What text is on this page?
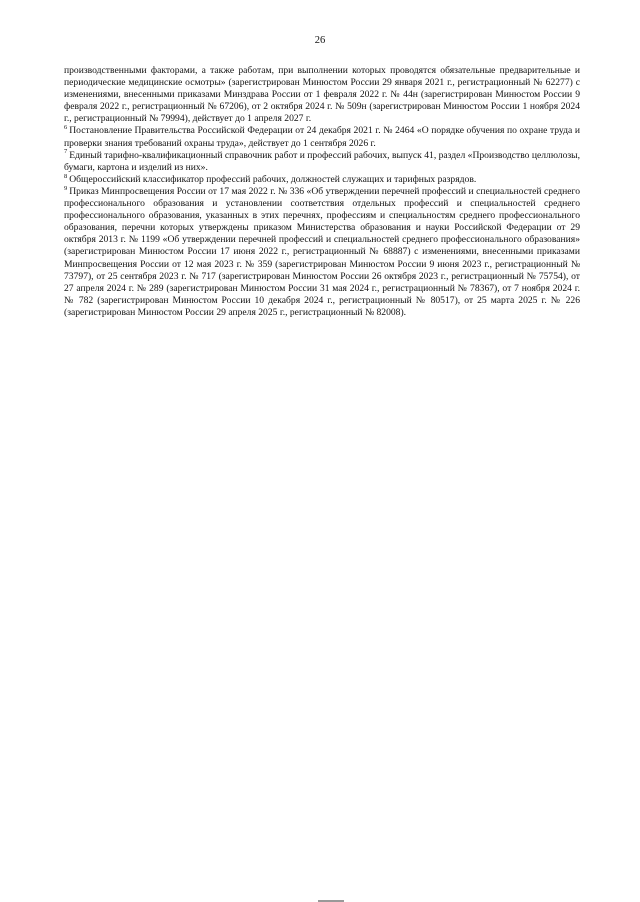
26

производственными факторами, а также работам, при выполнении которых проводятся обязательные предварительные и периодические медицинские осмотры» (зарегистрирован Минюстом России 29 января 2021 г., регистрационный № 62277) с изменениями, внесенными приказами Минздрава России от 1 февраля 2022 г. № 44н (зарегистрирован Минюстом России 9 февраля 2022 г., регистрационный № 67206), от 2 октября 2024 г. № 509н (зарегистрирован Минюстом России 1 ноября 2024 г., регистрационный № 79994), действует до 1 апреля 2027 г.

$^6$ Постановление Правительства Российской Федерации от 24 декабря 2021 г. № 2464 «О порядке обучения по охране труда и проверки знания требований охраны труда», действует до 1 сентября 2026 г.

$^7$ Единый тарифно-квалификационный справочник работ и профессий рабочих, выпуск 41, раздел «Производство целлюлозы, бумаги, картона и изделий из них».

$^8$ Общероссийский классификатор профессий рабочих, должностей служащих и тарифных разрядов.

$^9$ Приказ Минпросвещения России от 17 мая 2022 г. № 336 «Об утверждении перечней профессий и специальностей среднего профессионального образования и установлении соответствия отдельных профессий и специальностей среднего профессионального образования, указанных в этих перечнях, профессиям и специальностям среднего профессионального образования, перечни которых утверждены приказом Министерства образования и науки Российской Федерации от 29 октября 2013 г. № 1199 «Об утверждении перечней профессий и специальностей среднего профессионального образования» (зарегистрирован Минюстом России 17 июня 2022 г., регистрационный № 68887) с изменениями, внесенными приказами Минпросвещения России от 12 мая 2023 г. № 359 (зарегистрирован Минюстом России 9 июня 2023 г., регистрационный № 73797), от 25 сентября 2023 г. № 717 (зарегистрирован Минюстом России 26 октября 2023 г., регистрационный № 75754), от 27 апреля 2024 г. № 289 (зарегистрирован Минюстом России 31 мая 2024 г., регистрационный № 78367), от 7 ноября 2024 г. № 782 (зарегистрирован Минюстом России 10 декабря 2024 г., регистрационный № 80517), от 25 марта 2025 г. № 226 (зарегистрирован Минюстом России 29 апреля 2025 г., регистрационный № 82008).
